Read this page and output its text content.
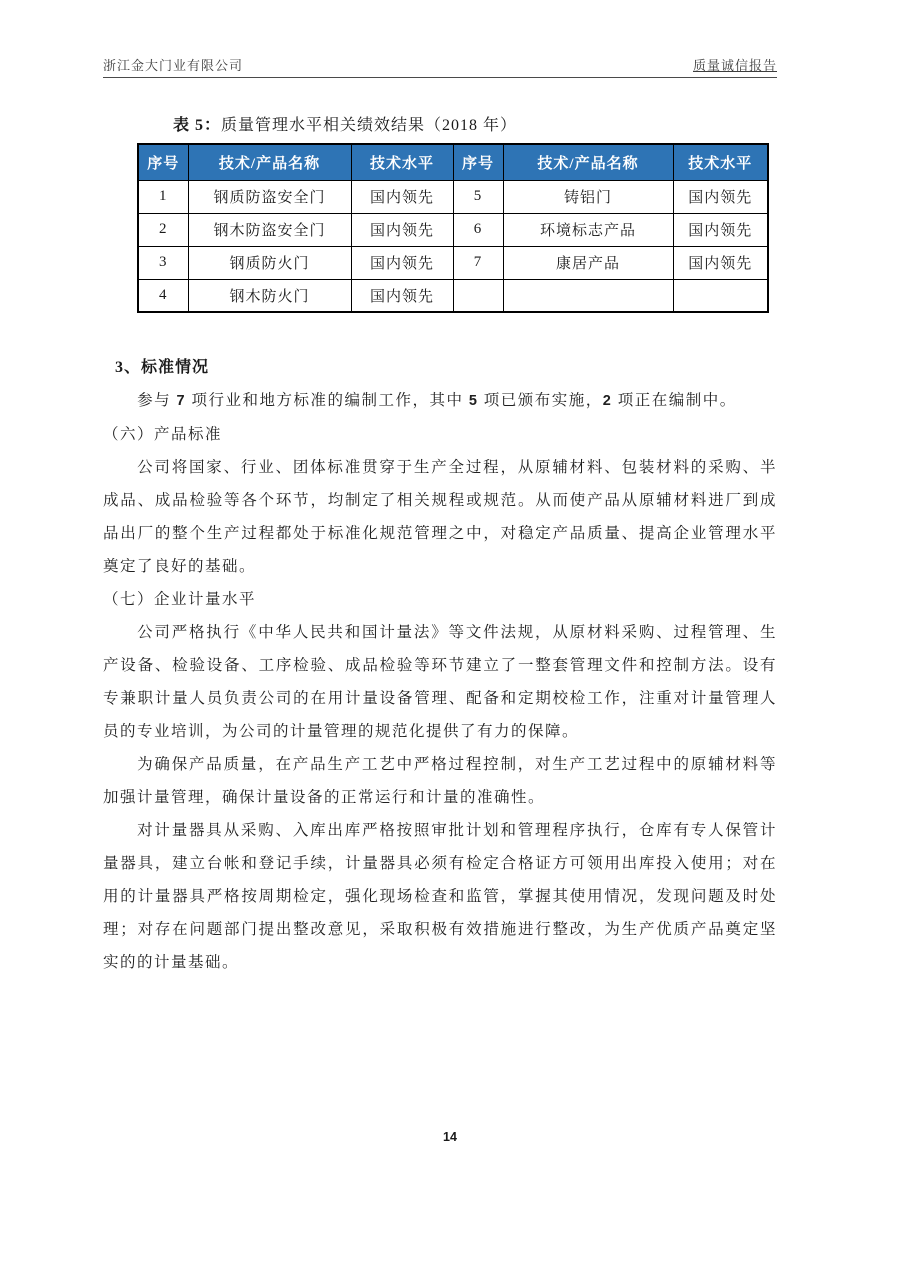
浙江金大门业有限公司	质量诚信报告
表 5：质量管理水平相关绩效结果（2018 年）
序号	技术/产品名称	技术水平	序号	技术/产品名称	技术水平
1	钢质防盗安全门	国内领先	5	铸铝门	国内领先
2	钢木防盗安全门	国内领先	6	环境标志产品	国内领先
3	钢质防火门	国内领先	7	康居产品	国内领先
4	钢木防火门	国内领先			
3、标准情况

参与 7 项行业和地方标准的编制工作，其中 5 项已颁布实施，2 项正在编制中。

（六）产品标准

公司将国家、行业、团体标准贯穿于生产全过程，从原辅材料、包装材料的采购、半成品、成品检验等各个环节，均制定了相关规程或规范。从而使产品从原辅材料进厂到成品出厂的整个生产过程都处于标准化规范管理之中，对稳定产品质量、提高企业管理水平奠定了良好的基础。

（七）企业计量水平

公司严格执行《中华人民共和国计量法》等文件法规，从原材料采购、过程管理、生产设备、检验设备、工序检验、成品检验等环节建立了一整套管理文件和控制方法。设有专兼职计量人员负责公司的在用计量设备管理、配备和定期校检工作，注重对计量管理人员的专业培训，为公司的计量管理的规范化提供了有力的保障。

为确保产品质量，在产品生产工艺中严格过程控制，对生产工艺过程中的原辅材料等加强计量管理，确保计量设备的正常运行和计量的准确性。

对计量器具从采购、入库出库严格按照审批计划和管理程序执行，仓库有专人保管计量器具，建立台帐和登记手续，计量器具必须有检定合格证方可领用出库投入使用；对在用的计量器具严格按周期检定，强化现场检查和监管，掌握其使用情况，发现问题及时处理；对存在问题部门提出整改意见，采取积极有效措施进行整改，为生产优质产品奠定坚实的的计量基础。

14
